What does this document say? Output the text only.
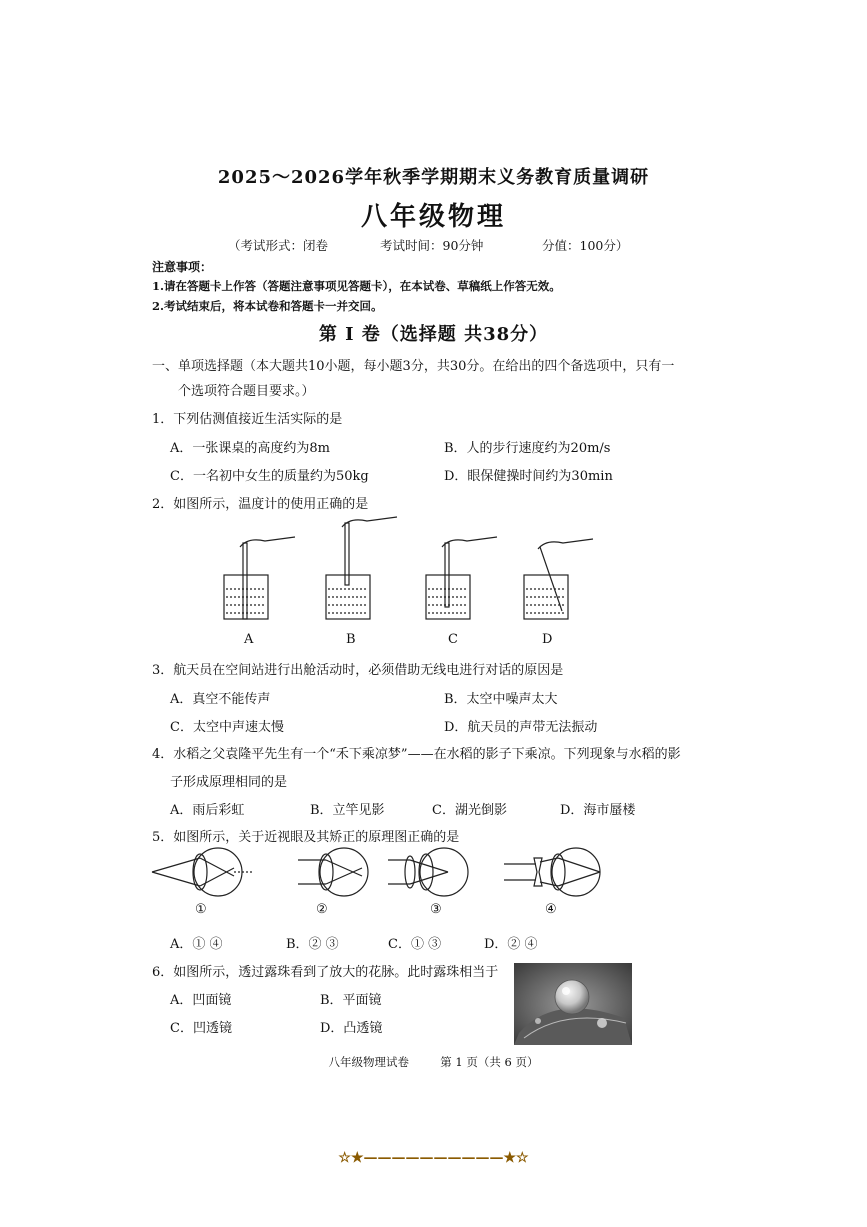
2025～2026学年秋季学期期末义务教育质量调研
八年级物理
（考试形式：闭卷	考试时间：90分钟	分值：100分）
注意事项：
1.请在答题卡上作答（答题注意事项见答题卡），在本试卷、草稿纸上作答无效。
2.考试结束后，将本试卷和答题卡一并交回。
第 I 卷（选择题 共38分）
一、单项选择题（本大题共10小题，每小题3分，共30分。在给出的四个备选项中，只有一
个选项符合题目要求。）
1．下列估测值接近生活实际的是
A．一张课桌的高度约为8m	B．人的步行速度约为20m/s
C．一名初中女生的质量约为50kg	D．眼保健操时间约为30min
2．如图所示，温度计的使用正确的是
A	B	C	D
3．航天员在空间站进行出舱活动时，必须借助无线电进行对话的原因是
A．真空不能传声	B．太空中噪声太大
C．太空中声速太慢	D．航天员的声带无法振动
4．水稻之父袁隆平先生有一个“禾下乘凉梦”——在水稻的影子下乘凉。下列现象与水稻的影
子形成原理相同的是
A．雨后彩虹	B．立竿见影	C．湖光倒影	D．海市蜃楼
5．如图所示，关于近视眼及其矫正的原理图正确的是
①	②	③	④
A．① ④	B．② ③	C．① ③	D．② ④
6．如图所示，透过露珠看到了放大的花脉。此时露珠相当于
A．凹面镜	B．平面镜
C．凹透镜	D．凸透镜
八年级物理试卷	第 1 页（共 6 页）
☆★——————————★☆
